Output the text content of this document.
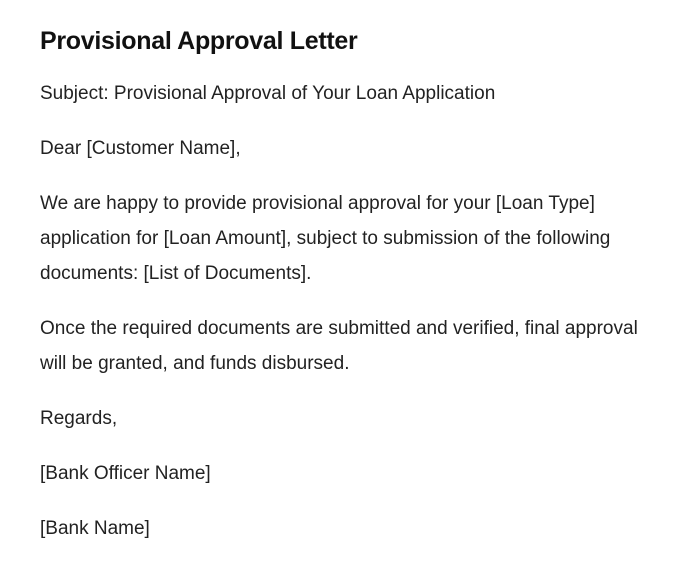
Provisional Approval Letter

Subject: Provisional Approval of Your Loan Application

Dear [Customer Name],

We are happy to provide provisional approval for your [Loan Type] application for [Loan Amount], subject to submission of the following documents: [List of Documents].

Once the required documents are submitted and verified, final approval will be granted, and funds disbursed.

Regards,

[Bank Officer Name]

[Bank Name]
